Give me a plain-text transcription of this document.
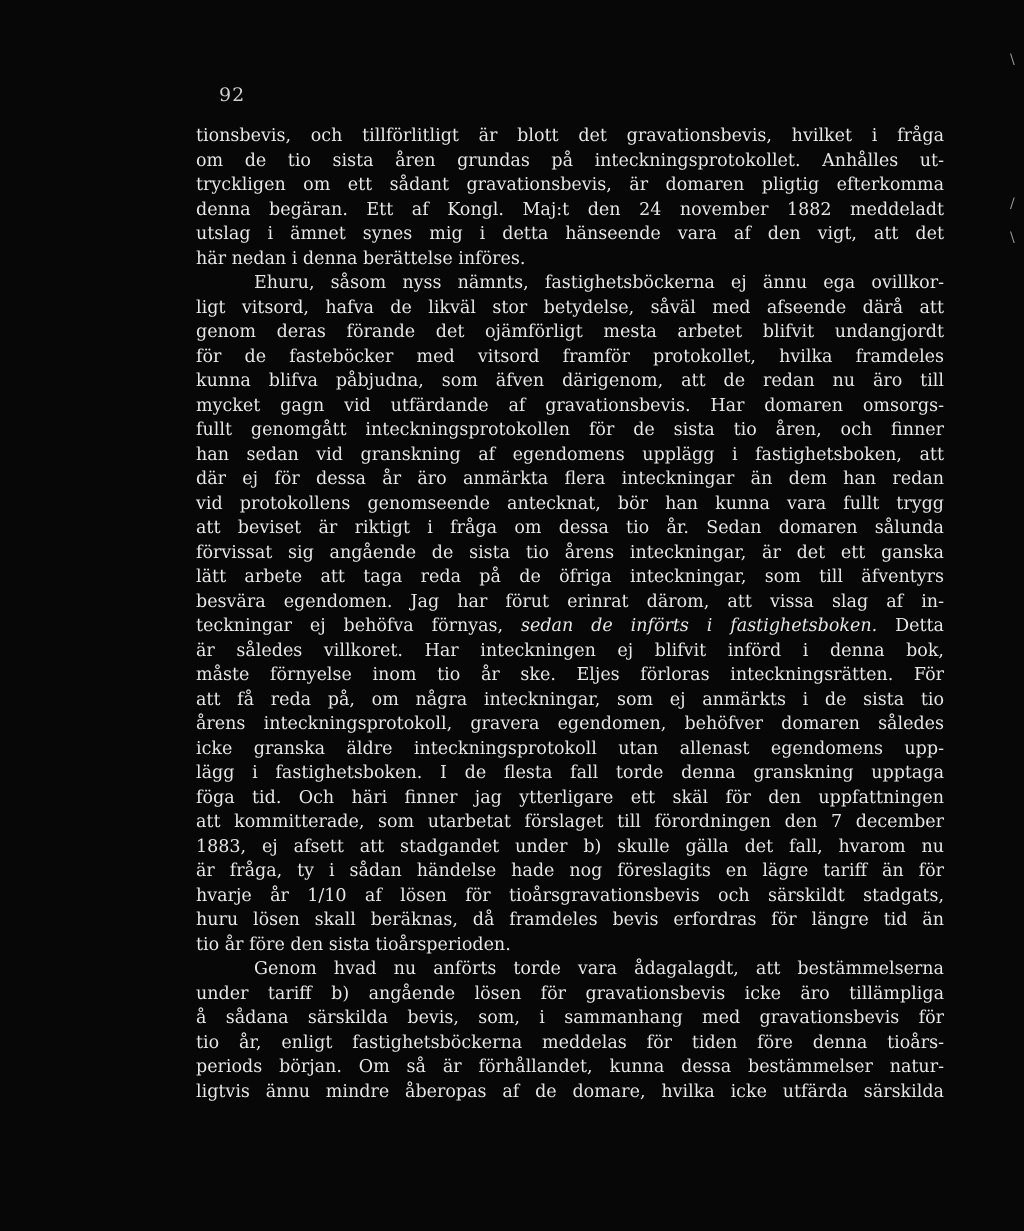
92
\
/
\
tionsbevis, och tillförlitligt är blott det gravationsbevis, hvilket i fråga
om de tio sista åren grundas på inteckningsprotokollet. Anhålles ut-
tryckligen om ett sådant gravationsbevis, är domaren pligtig efterkomma
denna begäran. Ett af Kongl. Maj:t den 24 november 1882 meddeladt
utslag i ämnet synes mig i detta hänseende vara af den vigt, att det
här nedan i denna berättelse införes.
Ehuru, såsom nyss nämnts, fastighetsböckerna ej ännu ega ovillkor-
ligt vitsord, hafva de likväl stor betydelse, såväl med afseende därå att
genom deras förande det ojämförligt mesta arbetet blifvit undangjordt
för de fasteböcker med vitsord framför protokollet, hvilka framdeles
kunna blifva påbjudna, som äfven därigenom, att de redan nu äro till
mycket gagn vid utfärdande af gravationsbevis. Har domaren omsorgs-
fullt genomgått inteckningsprotokollen för de sista tio åren, och finner
han sedan vid granskning af egendomens upplägg i fastighetsboken, att
där ej för dessa år äro anmärkta flera inteckningar än dem han redan
vid protokollens genomseende antecknat, bör han kunna vara fullt trygg
att beviset är riktigt i fråga om dessa tio år. Sedan domaren sålunda
förvissat sig angående de sista tio årens inteckningar, är det ett ganska
lätt arbete att taga reda på de öfriga inteckningar, som till äfventyrs
besvära egendomen. Jag har förut erinrat därom, att vissa slag af in-
teckningar ej behöfva förnyas, sedan de införts i fastighetsboken. Detta
är således villkoret. Har inteckningen ej blifvit införd i denna bok,
måste förnyelse inom tio år ske. Eljes förloras inteckningsrätten. För
att få reda på, om några inteckningar, som ej anmärkts i de sista tio
årens inteckningsprotokoll, gravera egendomen, behöfver domaren således
icke granska äldre inteckningsprotokoll utan allenast egendomens upp-
lägg i fastighetsboken. I de flesta fall torde denna granskning upptaga
föga tid. Och häri finner jag ytterligare ett skäl för den uppfattningen
att kommitterade, som utarbetat förslaget till förordningen den 7 december
1883, ej afsett att stadgandet under b) skulle gälla det fall, hvarom nu
är fråga, ty i sådan händelse hade nog föreslagits en lägre tariff än för
hvarje år 1/10 af lösen för tioårsgravationsbevis och särskildt stadgats,
huru lösen skall beräknas, då framdeles bevis erfordras för längre tid än
tio år före den sista tioårsperioden.
Genom hvad nu anförts torde vara ådagalagdt, att bestämmelserna
under tariff b) angående lösen för gravationsbevis icke äro tillämpliga
å sådana särskilda bevis, som, i sammanhang med gravationsbevis för
tio år, enligt fastighetsböckerna meddelas för tiden före denna tioårs-
periods början. Om så är förhållandet, kunna dessa bestämmelser natur-
ligtvis ännu mindre åberopas af de domare, hvilka icke utfärda särskilda
